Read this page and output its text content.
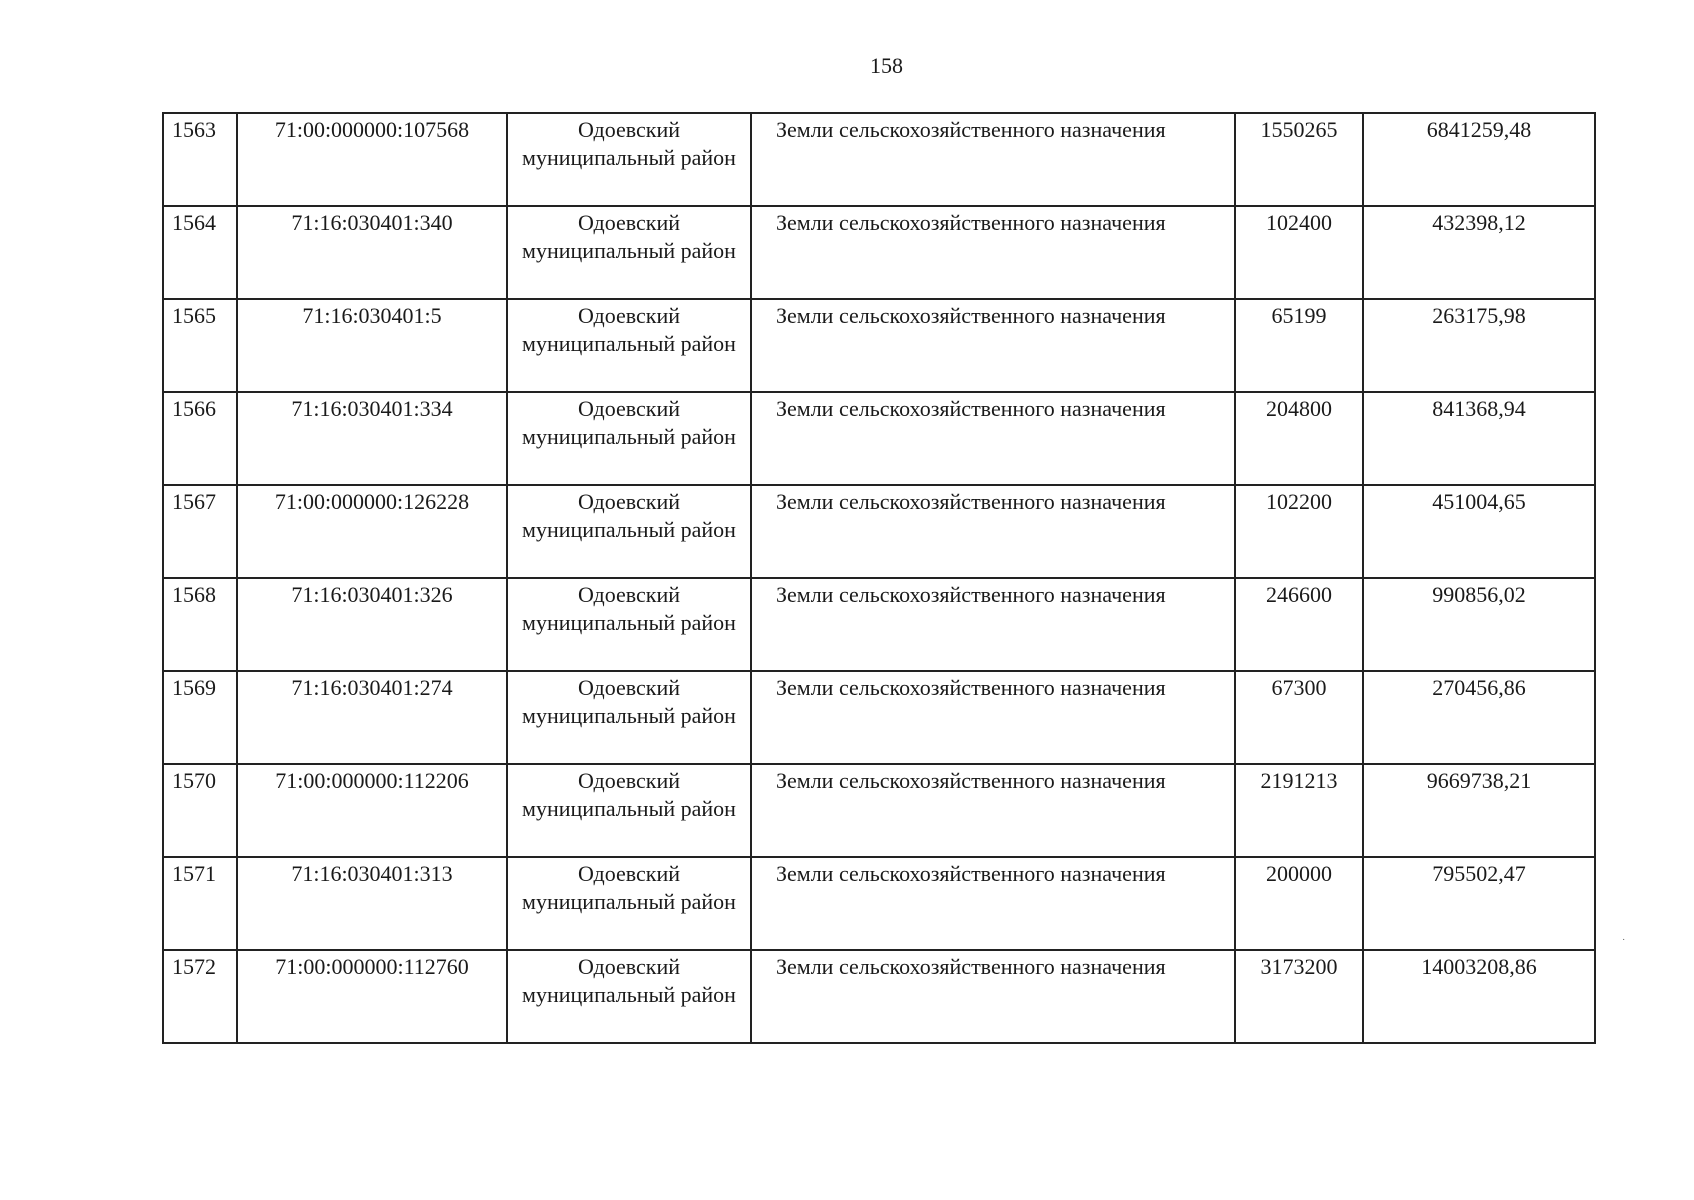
158
1563	71:00:000000:107568	Одоевский муниципальный район	Земли сельскохозяйственного назначения	1550265	6841259,48
1564	71:16:030401:340	Одоевский муниципальный район	Земли сельскохозяйственного назначения	102400	432398,12
1565	71:16:030401:5	Одоевский муниципальный район	Земли сельскохозяйственного назначения	65199	263175,98
1566	71:16:030401:334	Одоевский муниципальный район	Земли сельскохозяйственного назначения	204800	841368,94
1567	71:00:000000:126228	Одоевский муниципальный район	Земли сельскохозяйственного назначения	102200	451004,65
1568	71:16:030401:326	Одоевский муниципальный район	Земли сельскохозяйственного назначения	246600	990856,02
1569	71:16:030401:274	Одоевский муниципальный район	Земли сельскохозяйственного назначения	67300	270456,86
1570	71:00:000000:112206	Одоевский муниципальный район	Земли сельскохозяйственного назначения	2191213	9669738,21
1571	71:16:030401:313	Одоевский муниципальный район	Земли сельскохозяйственного назначения	200000	795502,47
1572	71:00:000000:112760	Одоевский муниципальный район	Земли сельскохозяйственного назначения	3173200	14003208,86
˙
